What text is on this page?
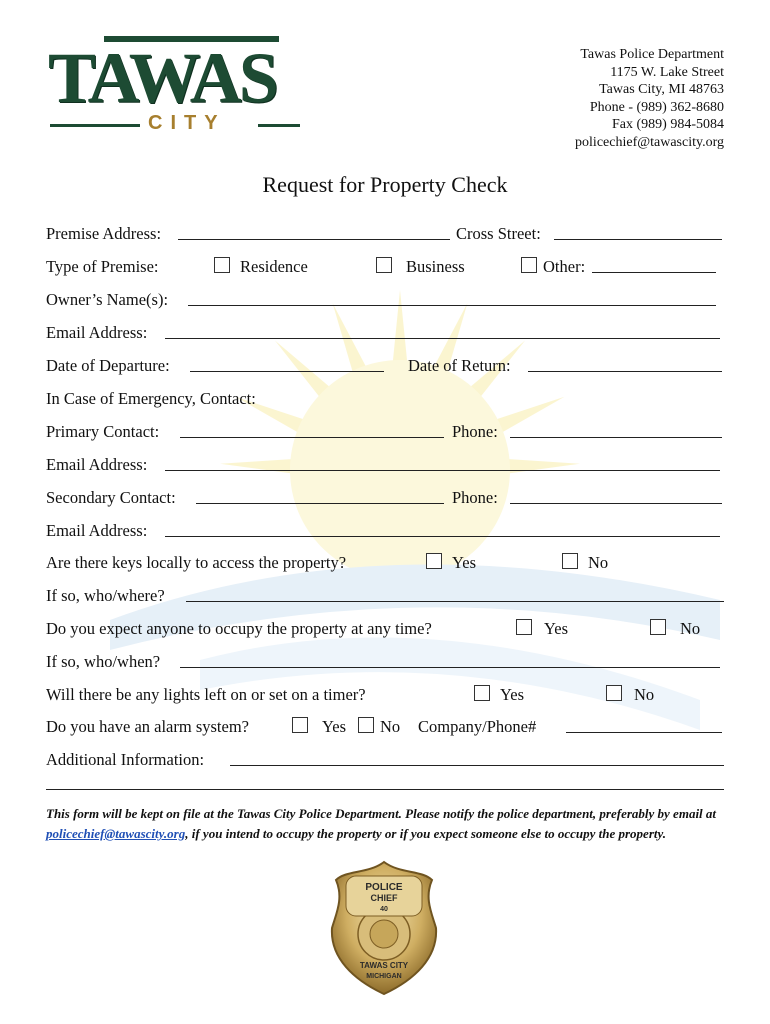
TAWAS
CITY
Tawas Police Department
1175 W. Lake Street
Tawas City, MI 48763
Phone - (989) 362-8680
Fax (989) 984-5084
policechief@tawascity.org
Request for Property Check
Premise Address:	Cross Street:
Type of Premise:	Residence	Business	Other:
Owner’s Name(s):
Email Address:
Date of Departure:	Date of Return:
In Case of Emergency, Contact:
Primary Contact:	Phone:
Email Address:
Secondary Contact:	Phone:
Email Address:
Are there keys locally to access the property?	Yes	No
If so, who/where?
Do you expect anyone to occupy the property at any time?	Yes	No
If so, who/when?
Will there be any lights left on or set on a timer?	Yes	No
Do you have an alarm system?	Yes No Company/Phone#
Additional Information:
This form will be kept on file at the Tawas City Police Department. Please notify the police department, preferably by email at policechief@tawascity.org, if you intend to occupy the property or if you expect someone else to occupy the property.
POLICE
CHIEF
40
TAWAS CITY
MICHIGAN
